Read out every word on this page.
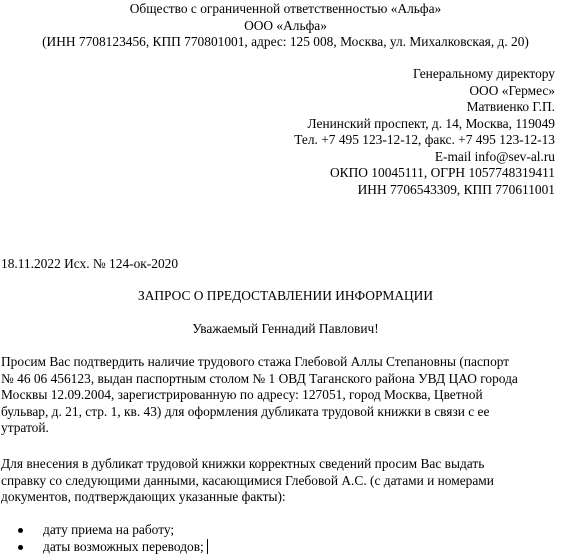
Общество с ограниченной ответственностью «Альфа»
ООО «Альфа»
(ИНН 7708123456, КПП 770801001, адрес: 125 008, Москва, ул. Михалковская, д. 20)
Генеральному директору
ООО «Гермес»
Матвиенко Г.П.
Ленинский проспект, д. 14, Москва, 119049
Тел. +7 495 123-12-12, факс. +7 495 123-12-13
E-mail info@sev-al.ru
ОКПО 10045111, ОГРН 1057748319411
ИНН 7706543309, КПП 770611001
18.11.2022 Исх. № 124-ок-2020
ЗАПРОС О ПРЕДОСТАВЛЕНИИ ИНФОРМАЦИИ
Уважаемый Геннадий Павлович!
Просим Вас подтвердить наличие трудового стажа Глебовой Аллы Степановны (паспорт
№ 46 06 456123, выдан паспортным столом № 1 ОВД Таганского района УВД ЦАО города
Москвы 12.09.2004, зарегистрированную по адресу: 127051, город Москва, Цветной
бульвар, д. 21, стр. 1, кв. 43) для оформления дубликата трудовой книжки в связи с ее
утратой.
Для внесения в дубликат трудовой книжки корректных сведений просим Вас выдать
справку со следующими данными, касающимися Глебовой А.С. (с датами и номерами
документов, подтверждающих указанные факты):
дату приема на работу;
даты возможных переводов;
